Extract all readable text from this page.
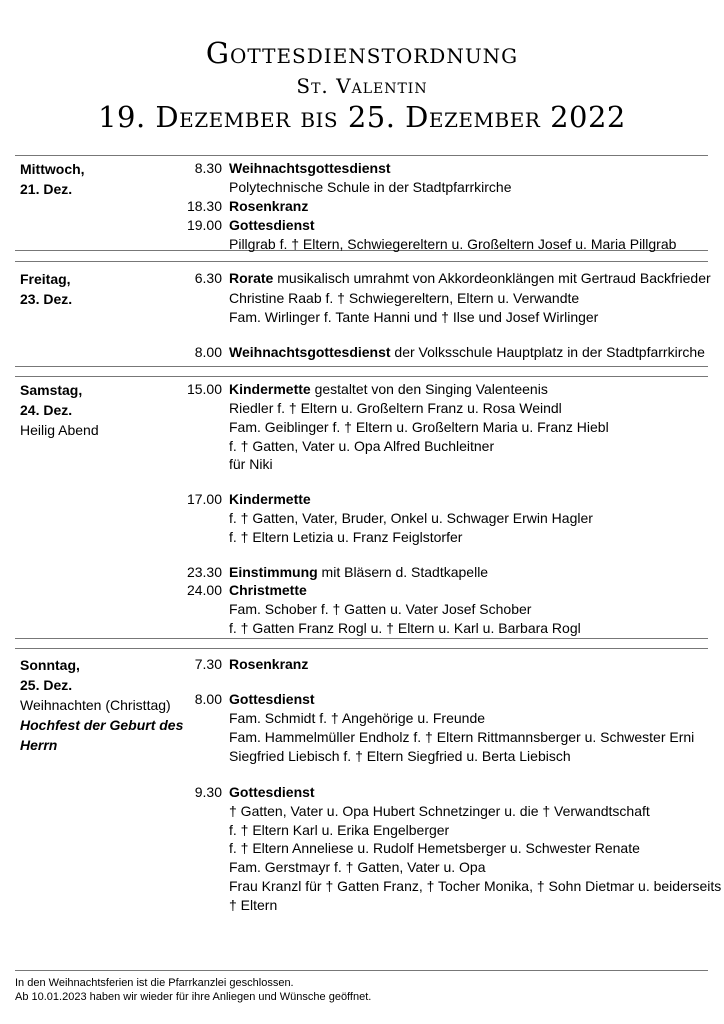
Gottesdienstordnung
St. Valentin
19. Dezember bis 25. Dezember 2022
Mittwoch,
21. Dez.
8.30 Weihnachtsgottesdienst
Polytechnische Schule in der Stadtpfarrkirche
18.30 Rosenkranz
19.00 Gottesdienst
Pillgrab f. † Eltern, Schwiegereltern u. Großeltern Josef u. Maria Pillgrab
Freitag,
23. Dez.
6.30 Rorate musikalisch umrahmt von Akkordeonklängen mit Gertraud Backfrieder
Christine Raab f. † Schwiegereltern, Eltern u. Verwandte
Fam. Wirlinger f. Tante Hanni und † Ilse und Josef Wirlinger
8.00 Weihnachtsgottesdienst der Volksschule Hauptplatz in der Stadtpfarrkirche
Samstag,
24. Dez.
Heilig Abend
15.00 Kindermette gestaltet von den Singing Valenteenis
Riedler f. † Eltern u. Großeltern Franz u. Rosa Weindl
Fam. Geiblinger f. † Eltern u. Großeltern Maria u. Franz Hiebl
f. † Gatten, Vater u. Opa Alfred Buchleitner
für Niki
17.00 Kindermette
f. † Gatten, Vater, Bruder, Onkel u. Schwager Erwin Hagler
f. † Eltern Letizia u. Franz Feiglstorfer
23.30 Einstimmung mit Bläsern d. Stadtkapelle
24.00 Christmette
Fam. Schober f. † Gatten u. Vater Josef Schober
f. † Gatten Franz Rogl u. † Eltern u. Karl u. Barbara Rogl
Sonntag,
25. Dez.
Weihnachten (Christtag)
Hochfest der Geburt des Herrn
7.30 Rosenkranz
8.00 Gottesdienst
Fam. Schmidt f. † Angehörige u. Freunde
Fam. Hammelmüller Endholz f. † Eltern Rittmannsberger u. Schwester Erni
Siegfried Liebisch f. † Eltern Siegfried u. Berta Liebisch
9.30 Gottesdienst
† Gatten, Vater u. Opa Hubert Schnetzinger u. die † Verwandtschaft
f. † Eltern Karl u. Erika Engelberger
f. † Eltern Anneliese u. Rudolf Hemetsberger u. Schwester Renate
Fam. Gerstmayr f. † Gatten, Vater u. Opa
Frau Kranzl für † Gatten Franz, † Tocher Monika, † Sohn Dietmar u. beiderseits
† Eltern
In den Weihnachtsferien ist die Pfarrkanzlei geschlossen.
Ab 10.01.2023 haben wir wieder für ihre Anliegen und Wünsche geöffnet.
